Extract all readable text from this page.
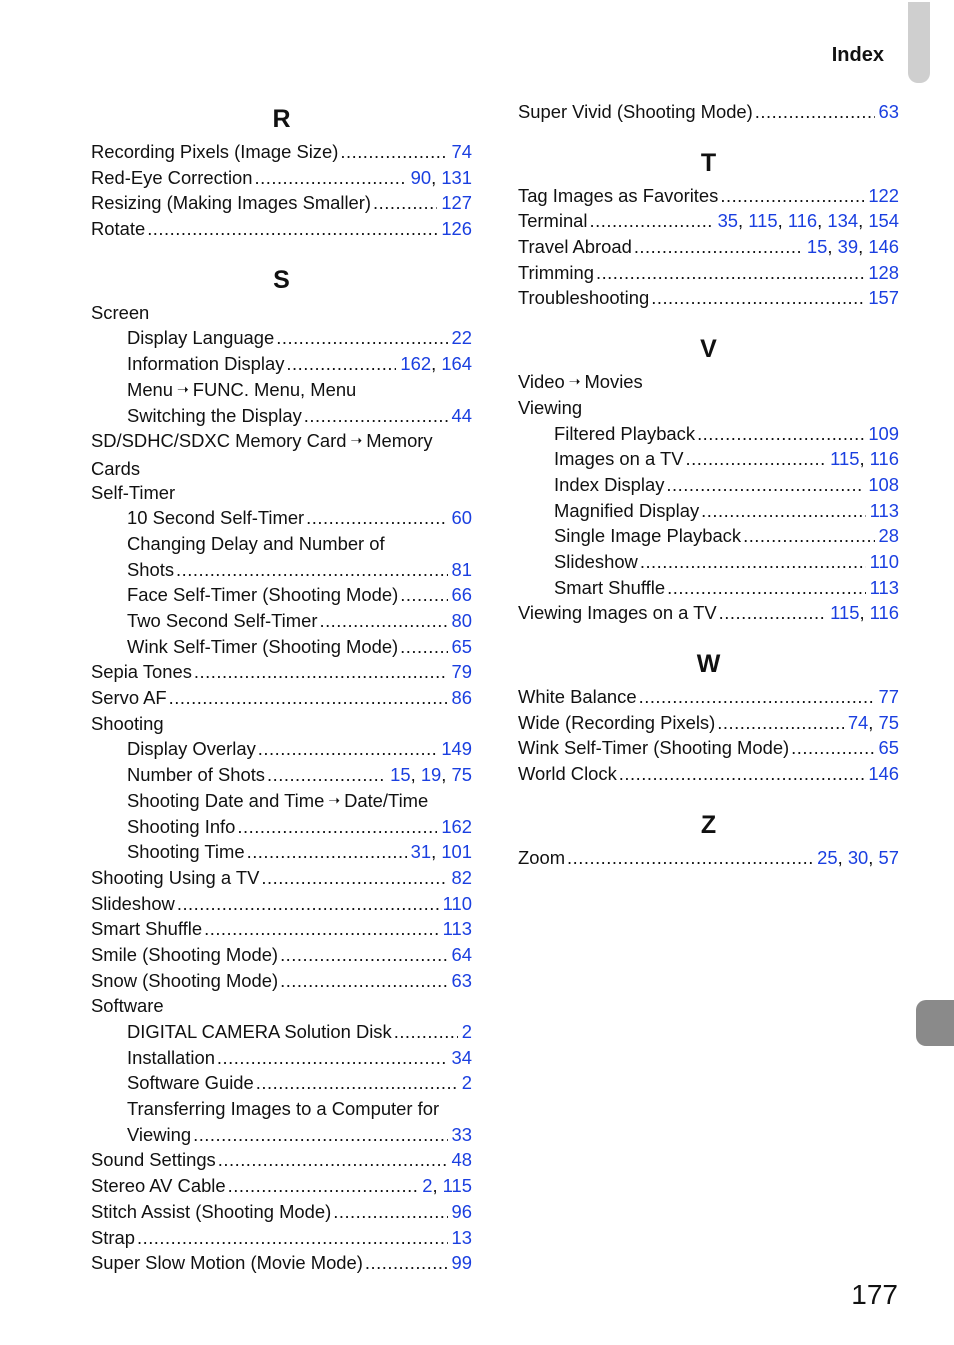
Index
R
Recording Pixels (Image Size) .....	74
Red-Eye Correction .....	90, 131
Resizing (Making Images Smaller) .....	127
Rotate .....	126
S
Screen
Display Language .....	22
Information Display .....	162, 164
Menu ➝ FUNC. Menu, Menu
Switching the Display .....	44
SD/SDHC/SDXC Memory Card ➝ Memory Cards
Self-Timer
10 Second Self-Timer .....	60
Changing Delay and Number of
Shots .....	81
Face Self-Timer (Shooting Mode) .....	66
Two Second Self-Timer .....	80
Wink Self-Timer (Shooting Mode) .....	65
Sepia Tones .....	79
Servo AF .....	86
Shooting
Display Overlay .....	149
Number of Shots .....	15, 19, 75
Shooting Date and Time ➝ Date/Time
Shooting Info .....	162
Shooting Time .....	31, 101
Shooting Using a TV .....	82
Slideshow .....	110
Smart Shuffle .....	113
Smile (Shooting Mode) .....	64
Snow (Shooting Mode) .....	63
Software
DIGITAL CAMERA Solution Disk .....	2
Installation .....	34
Software Guide .....	2
Transferring Images to a Computer for
Viewing .....	33
Sound Settings .....	48
Stereo AV Cable .....	2, 115
Stitch Assist (Shooting Mode) .....	96
Strap .....	13
Super Slow Motion (Movie Mode) .....	99
Super Vivid (Shooting Mode) .....	63
T
Tag Images as Favorites .....	122
Terminal .....	35, 115, 116, 134, 154
Travel Abroad .....	15, 39, 146
Trimming .....	128
Troubleshooting .....	157
V
Video ➝ Movies
Viewing
Filtered Playback .....	109
Images on a TV .....	115, 116
Index Display .....	108
Magnified Display .....	113
Single Image Playback .....	28
Slideshow .....	110
Smart Shuffle .....	113
Viewing Images on a TV .....	115, 116
W
White Balance .....	77
Wide (Recording Pixels) .....	74, 75
Wink Self-Timer (Shooting Mode) .....	65
World Clock .....	146
Z
Zoom .....	25, 30, 57
177
